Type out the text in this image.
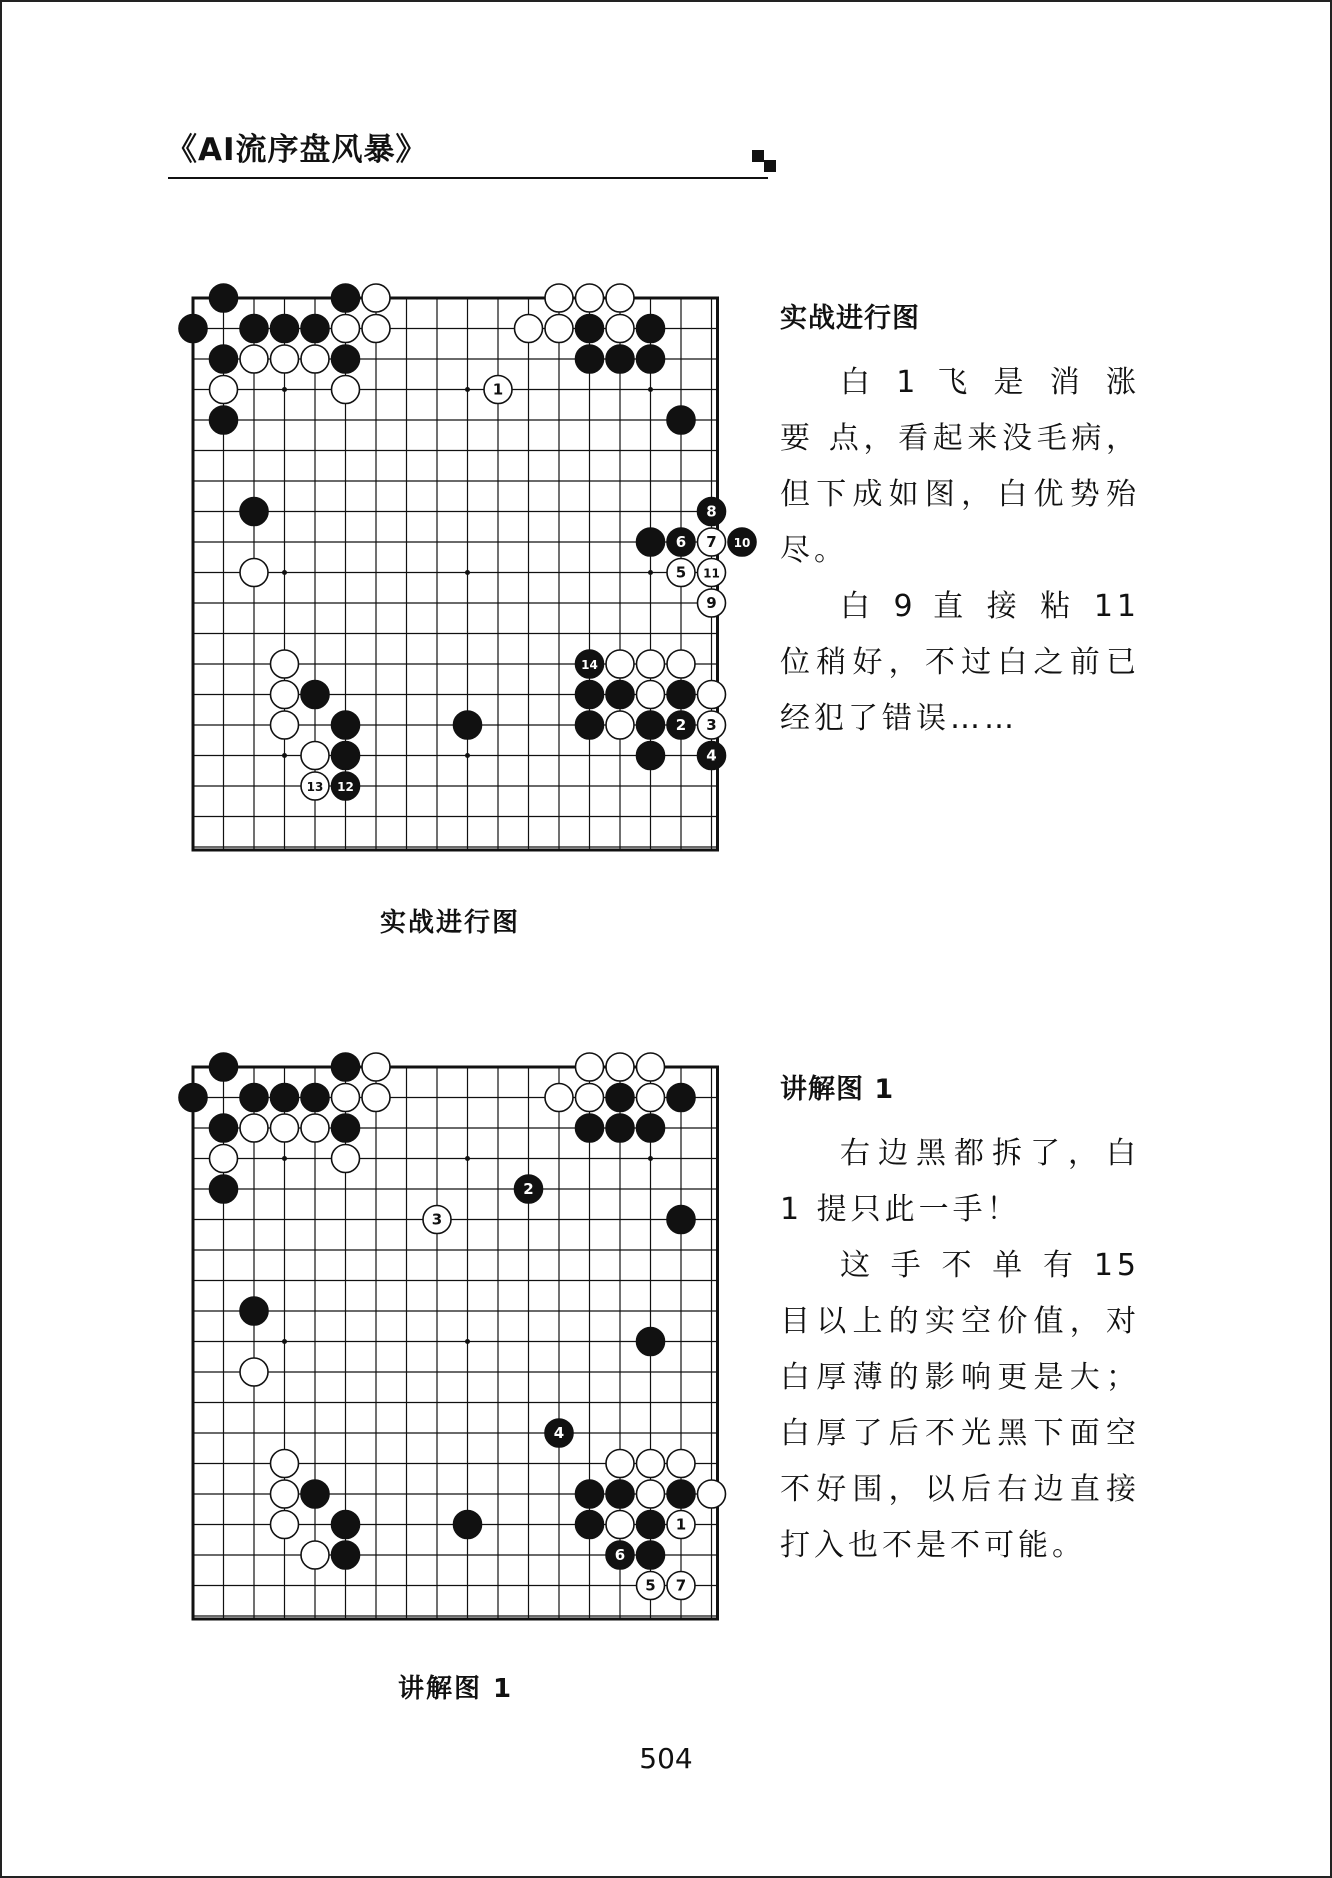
《AI流序盘风暴》
1
8
6 7 10
5 11
9
13 12
14
2 3
4
实战进行图
实战进行图

白 1 飞 是 消 涨 要 点，看起来没毛病，但下成如图，白优势殆尽。

白 9 直 接 粘 11 位稍好，不过白之前已经犯了错误……

2
3
4
1
6
5 7
讲解图 1
讲解图 1

右边黑都拆了，白 1 提只此一手！

这 手 不 单 有 15 目以上的实空价值，对白厚薄的影响更是大；白厚了后不光黑下面空不好围，以后右边直接打入也不是不可能。

504
